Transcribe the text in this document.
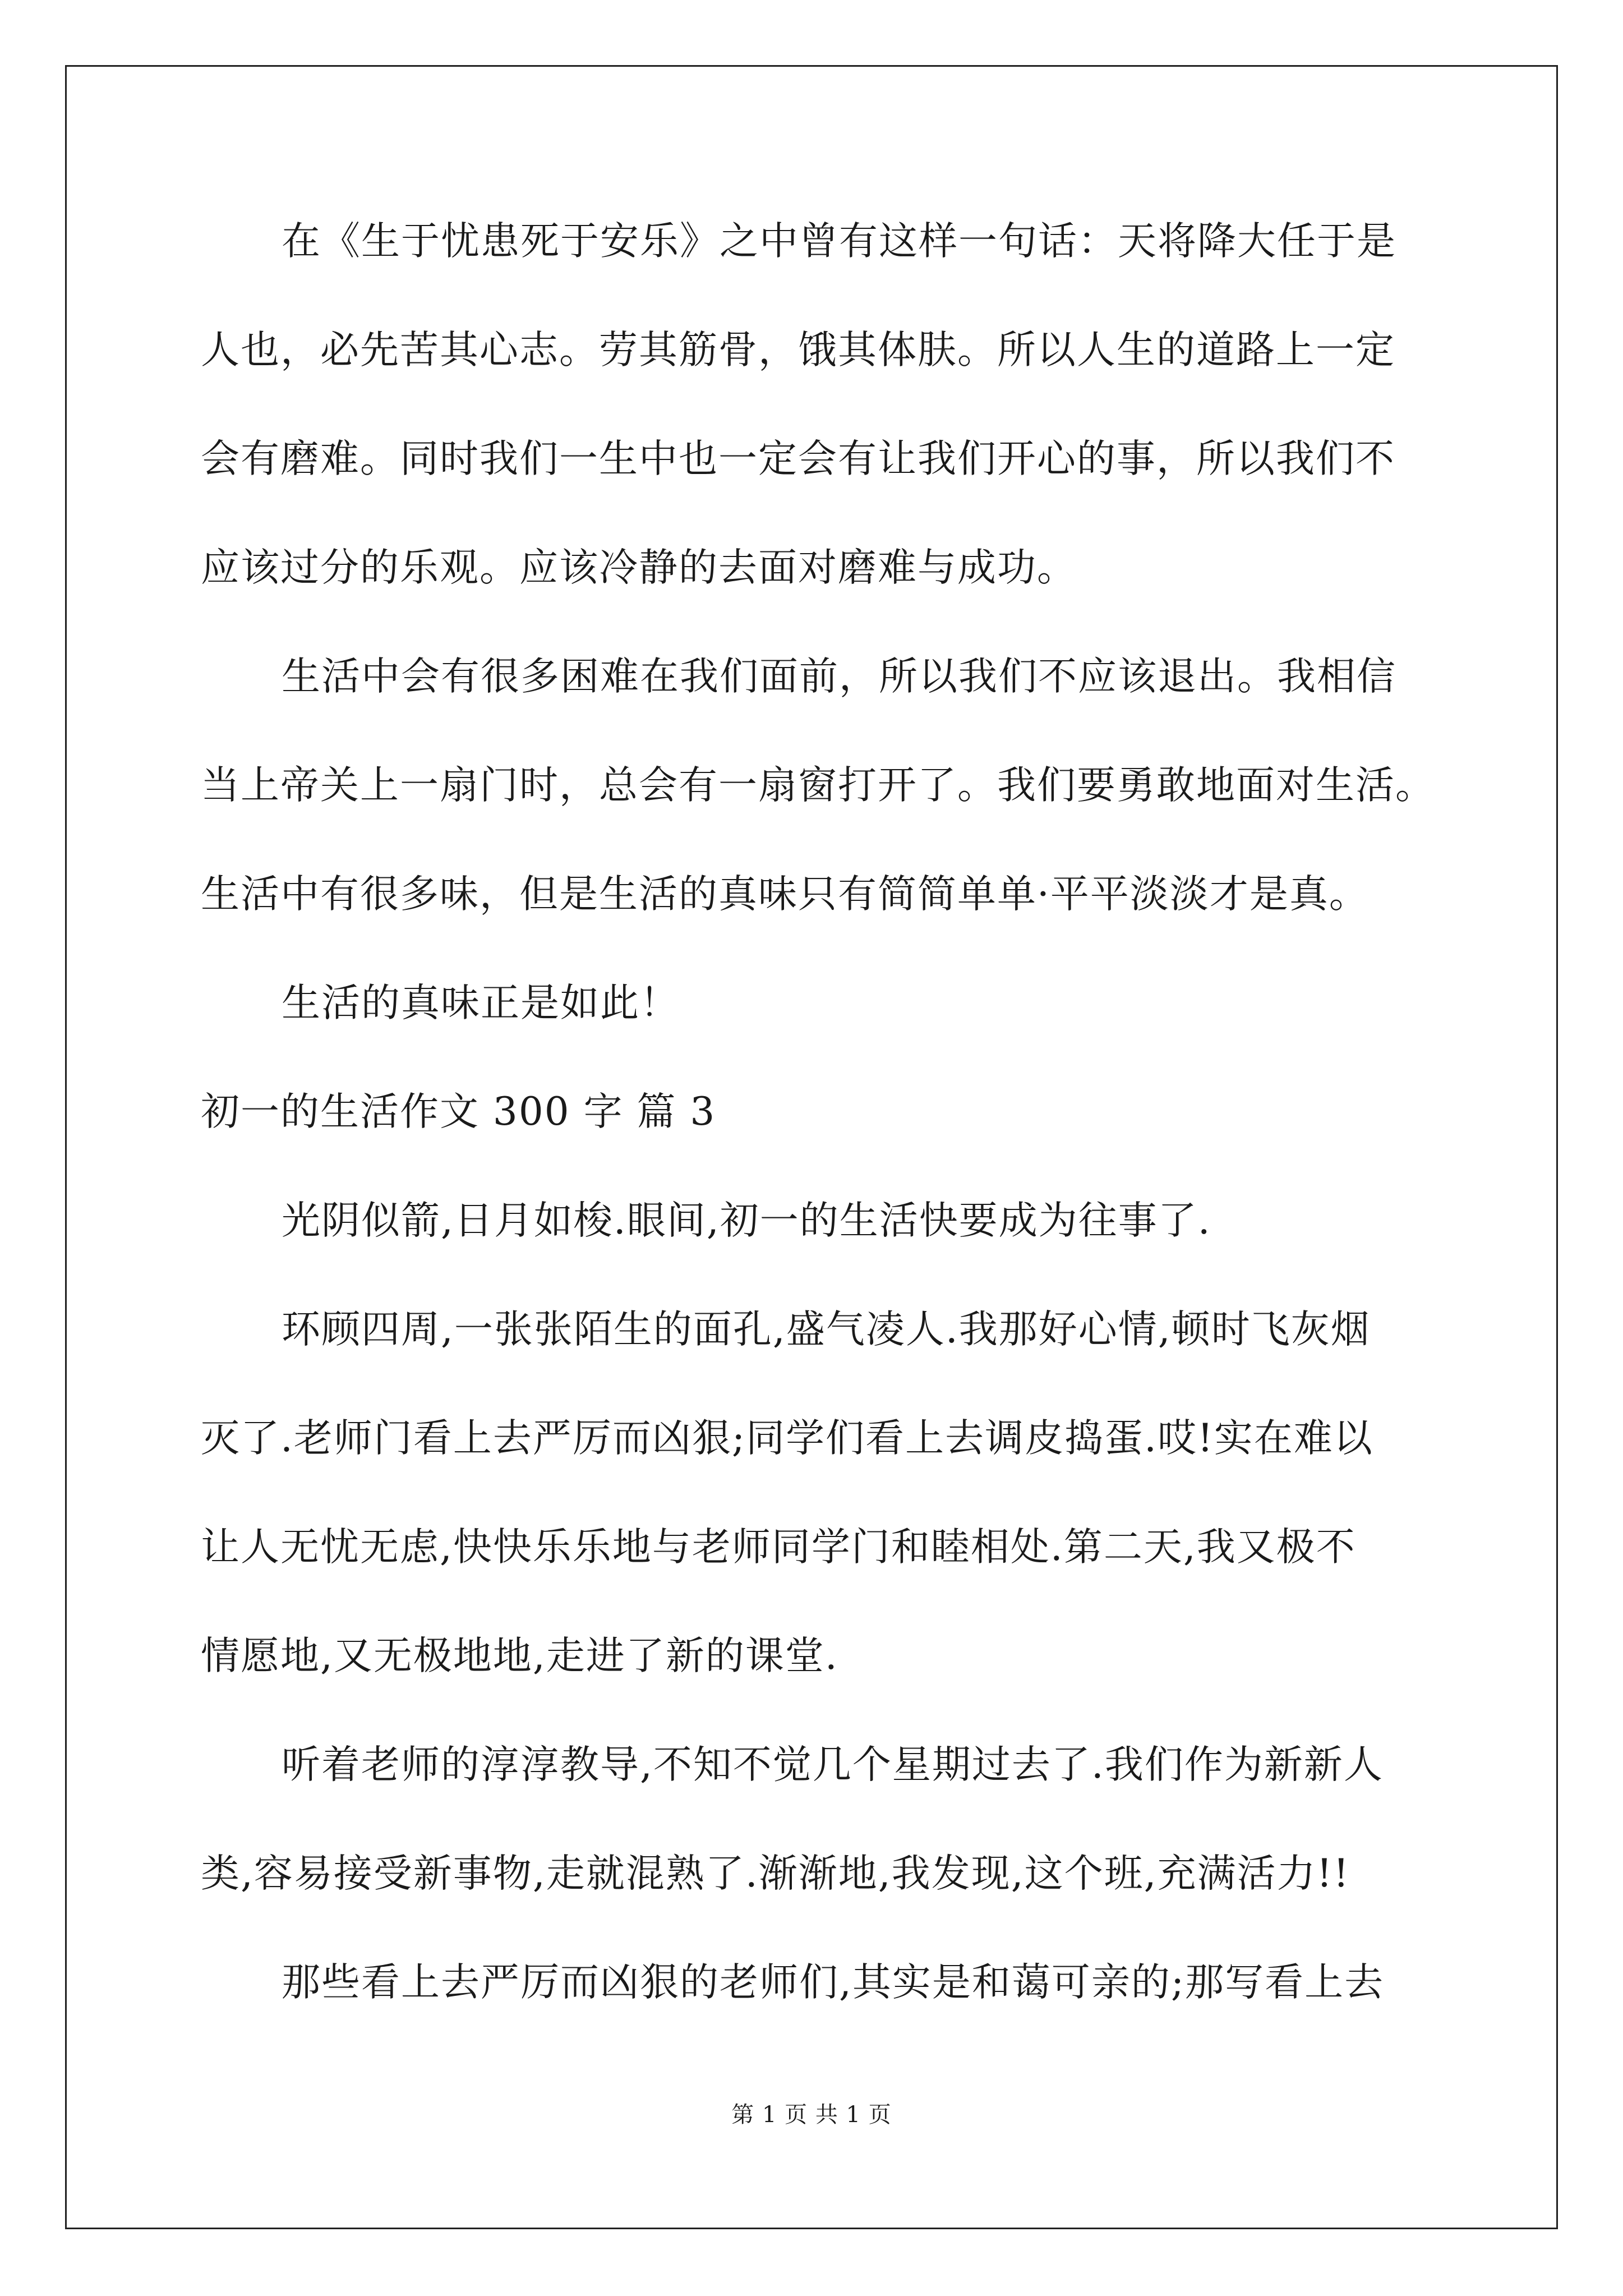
在《生于忧患死于安乐》之中曾有这样一句话：天将降大任于是
人也，必先苦其心志。劳其筋骨，饿其体肤。所以人生的道路上一定
会有磨难。同时我们一生中也一定会有让我们开心的事，所以我们不
应该过分的乐观。应该冷静的去面对磨难与成功。
生活中会有很多困难在我们面前，所以我们不应该退出。我相信
当上帝关上一扇门时，总会有一扇窗打开了。我们要勇敢地面对生活。
生活中有很多味，但是生活的真味只有简简单单·平平淡淡才是真。
生活的真味正是如此！
初一的生活作文 300 字 篇 3
光阴似箭,日月如梭.眼间,初一的生活快要成为往事了.
环顾四周,一张张陌生的面孔,盛气凌人.我那好心情,顿时飞灰烟
灭了.老师门看上去严厉而凶狠;同学们看上去调皮捣蛋.哎!实在难以
让人无忧无虑,快快乐乐地与老师同学门和睦相处.第二天,我又极不
情愿地,又无极地地,走进了新的课堂.
听着老师的淳淳教导,不知不觉几个星期过去了.我们作为新新人
类,容易接受新事物,走就混熟了.渐渐地,我发现,这个班,充满活力!!
那些看上去严厉而凶狠的老师们,其实是和蔼可亲的;那写看上去
第 1 页 共 1 页
